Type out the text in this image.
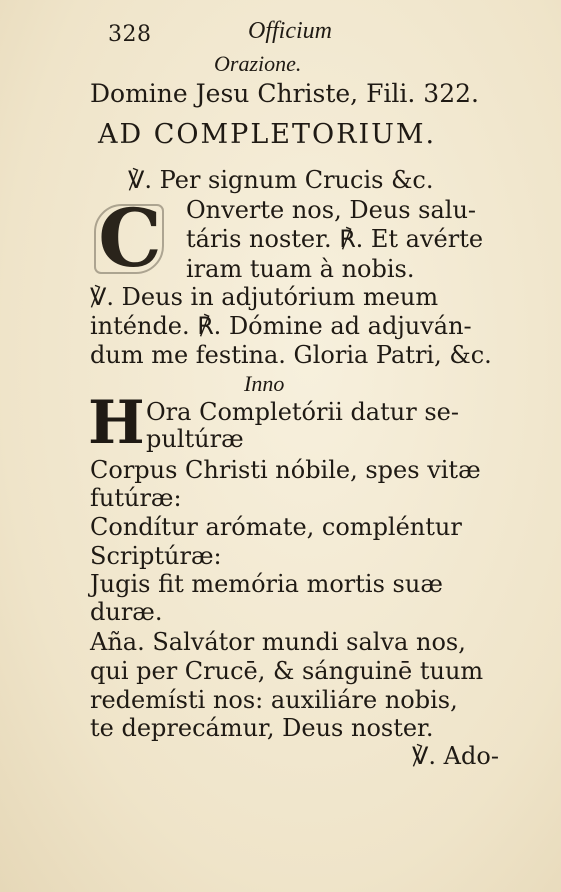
328	Officium
Orazione.
Domine Jesu Christe, Fili. 322.
AD COMPLETORIUM.
℣. Per signum Crucis &c.
C	Onverte nos, Deus salu-
táris noster. ℟. Et avérte
iram tuam à nobis.
℣. Deus in adjutórium meum
inténde. ℟. Dómine ad adjuván-
dum me festina. Gloria Patri, &c.
Inno
H Ora Completórii datur se-
pultúræ
Corpus Christi nóbile, spes vitæ
futúræ:
Condítur arómate, compléntur
Scriptúræ:
Jugis fit memória mortis suæ
duræ.
Aña. Salvátor mundi salva nos,
qui per Crucē, & sánguinē tuum
redemísti nos: auxiliáre nobis,
te deprecámur, Deus noster.
℣. Ado-
